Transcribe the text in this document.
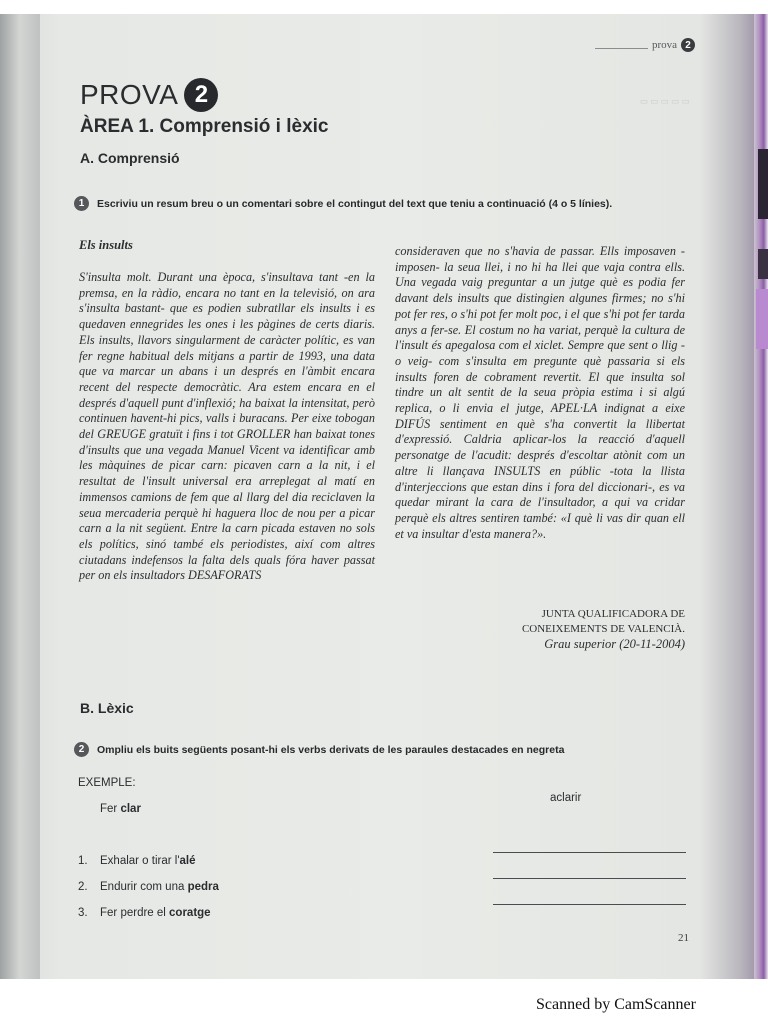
▭ ▭ ▭ ▭ ▭
prova 2
PROVA 2
ÀREA 1. Comprensió i lèxic
A. Comprensió
1	Escriviu un resum breu o un comentari sobre el contingut del text que teniu a continuació (4 o 5 línies).
Els insults

S'insulta molt. Durant una època, s'insultava tant -en la premsa, en la ràdio, encara no tant en la televisió, on ara s'insulta bastant- que es podien subratllar els insults i es quedaven ennegrides les ones i les pàgines de certs diaris. Els insults, llavors singularment de caràcter polític, es van fer regne habitual dels mitjans a partir de 1993, una data que va marcar un abans i un després en l'àmbit encara recent del respecte democràtic. Ara estem encara en el després d'aquell punt d'inflexió; ha baixat la intensitat, però continuen havent-hi pics, valls i buracans. Per eixe tobogan del GREUGE gratuït i fins i tot GROLLER han baixat tones d'insults que una vegada Manuel Vicent va identificar amb les màquines de picar carn: picaven carn a la nit, i el resultat de l'insult universal era arreplegat al matí en immensos camions de fem que al llarg del dia reciclaven la seua mercaderia perquè hi haguera lloc de nou per a picar carn a la nit següent. Entre la carn picada estaven no sols els polítics, sinó també els periodistes, així com altres ciutadans indefensos la falta dels quals fóra haver passat per on els insultadors DESAFORATS

consideraven que no s'havia de passar. Ells imposaven -imposen- la seua llei, i no hi ha llei que vaja contra ells. Una vegada vaig preguntar a un jutge què es podia fer davant dels insults que distingien algunes firmes; no s'hi pot fer res, o s'hi pot fer molt poc, i el que s'hi pot fer tarda anys a fer-se. El costum no ha variat, perquè la cultura de l'insult és apegalosa com el xiclet. Sempre que sent o llig -o veig- com s'insulta em pregunte què passaria si els insults foren de cobrament revertit. El que insulta sol tindre un alt sentit de la seua pròpia estima i si algú replica, o li envia el jutge, APEL·LA indignat a eixe DIFÚS sentiment en què s'ha convertit la llibertat d'expressió. Caldria aplicar-los la reacció d'aquell personatge de l'acudit: després d'escoltar atònit com un altre li llançava INSULTS en públic -tota la llista d'interjeccions que estan dins i fora del diccionari-, es va quedar mirant la cara de l'insultador, a qui va cridar perquè els altres sentiren també: «I què li vas dir quan ell et va insultar d'esta manera?».

JUNTA QUALIFICADORA DE
CONEIXEMENTS DE VALENCIÀ.
Grau superior (20-11-2004)
B. Lèxic
2	Ompliu els buits següents posant-hi els verbs derivats de les paraules destacades en negreta
EXEMPLE:
Fer clar
aclarir
1. Exhalar o tirar l'alé
2. Endurir com una pedra
3. Fer perdre el coratge
21
Scanned by CamScanner
